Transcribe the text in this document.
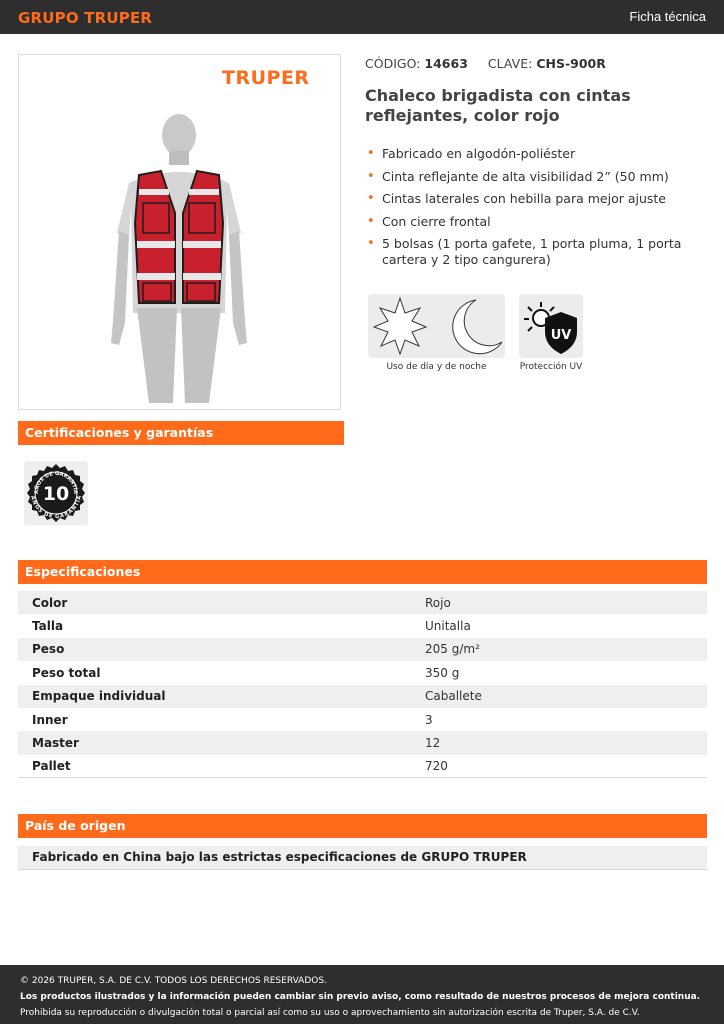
GRUPO TRUPER	Ficha técnica
TRUPER
CÓDIGO: 14663 CLAVE: CHS-900R
Chaleco brigadista con cintas reflejantes, color rojo
• Fabricado en algodón-poliéster
• Cinta reflejante de alta visibilidad 2” (50 mm)
• Cintas laterales con hebilla para mejor ajuste
• Con cierre frontal
• 5 bolsas (1 porta gafete, 1 porta pluma, 1 porta cartera y 2 tipo cangurera)
Uso de día y de noche
UV
Protección UV
Certificaciones y garantías
AÑOS DE GARANTÍA
AÑOS DE GARANTÍA
10
Especificaciones
Color	Rojo
Talla	Unitalla
Peso	205 g/m²
Peso total	350 g
Empaque individual	Caballete
Inner	3
Master	12
Pallet	720
País de origen
Fabricado en China bajo las estrictas especificaciones de GRUPO TRUPER

© 2026 TRUPER, S.A. DE C.V. TODOS LOS DERECHOS RESERVADOS.

Los productos ilustrados y la información pueden cambiar sin previo aviso, como resultado de nuestros procesos de mejora continua.

Prohibida su reproducción o divulgación total o parcial así como su uso o aprovechamiento sin autorización escrita de Truper, S.A. de C.V.
